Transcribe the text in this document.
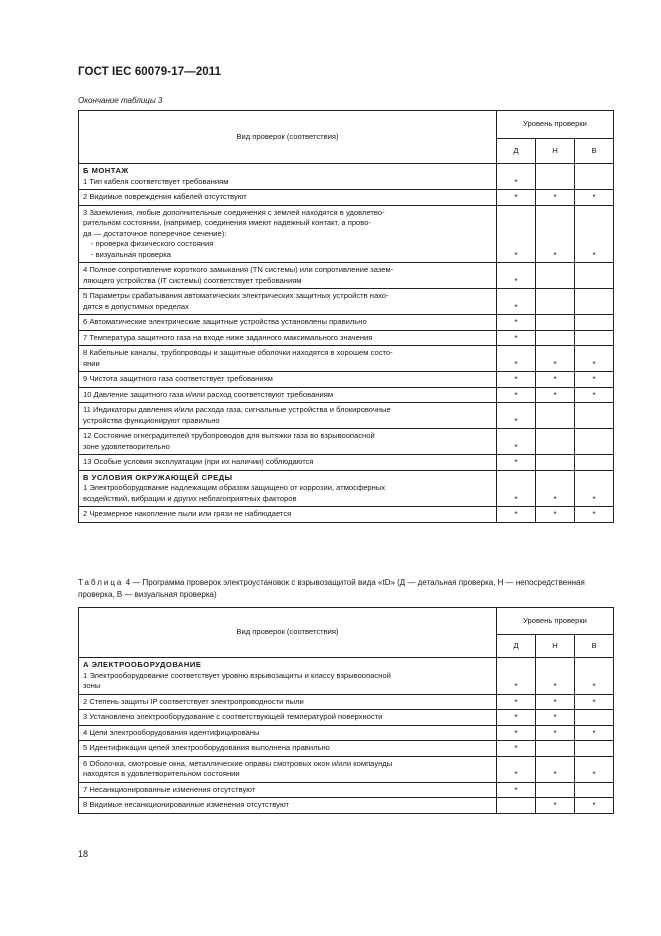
ГОСТ IEC 60079-17—2011
Окончание таблицы 3
Вид проверок (соответствия)	Уровень проверки		
	Д	Н	В

Б МОНТАЖ
1 Тип кабеля соответствует требованиям	*		

2 Видимые повреждения кабелей отсутствуют	*	*	*

3 Заземления, любые дополнительные соединения с землей находятся в удовлетво-
рительном состоянии, (например, соединения имеют надежный контакт, а прово-
да — достаточное поперечное сечение):
- проверка физического состояния
- визуальная проверка	*	*	*

4 Полное сопротивление короткого замыкания (TN системы) или сопротивление зазем-
ляющего устройства (IT системы) соответствует требованиям	*		

5 Параметры срабатывания автоматических электрических защитных устройств нахо-
дятся в допустимых пределах	*		

6 Автоматические электрические защитные устройства установлены правильно	*		

7 Температура защитного газа на входе ниже заданного максимального значения	*		

8 Кабельные каналы, трубопроводы и защитные оболочки находятся в хорошем состо-
янии	*	*	*

9 Чистота защитного газа соответствует требованиям	*	*	*

10 Давление защитного газа и/или расход соответствуют требованиям	*	*	*

11 Индикаторы давления и/или расхода газа, сигнальные устройства и блокировочные
устройства функционируют правильно	*		

12 Состояние огнеградителей трубопроводов для вытяжки газа во взрывоопасной
зоне удовлетворительно	*		

13 Особые условия эксплуатации (при их наличии) соблюдаются	*		

В УСЛОВИЯ ОКРУЖАЮЩЕЙ СРЕДЫ
1 Электрооборудование надлежащим образом защищено от коррозии, атмосферных
воздействий, вибрации и других неблагоприятных факторов	*	*	*

2 Чрезмерное накопление пыли или грязи не наблюдается	*	*	*
Таблица 4 — Программа проверок электроустановок с взрывозащитой вида «tD» (Д — детальная проверка, Н — непосредственная проверка, В — визуальная проверка)
Вид проверок (соответствия)	Уровень проверки		
	Д	Н	В

А ЭЛЕКТРООБОРУДОВАНИЕ
1 Электрооборудование соответствует уровню взрывозащиты и классу взрывоопасной
зоны	*	*	*

2 Степень защиты IP соответствует электропроводности пыли	*	*	*

3 Установлено электрооборудование с соответствующей температурой поверхности	*	*	

4 Цепи электрооборудования идентифицированы	*	*	*

5 Идентификация цепей электрооборудования выполнена правильно	*		

6 Оболочка, смотровые окна, металлические оправы смотровых окон и/или компаунды
находятся в удовлетворительном состоянии	*	*	*

7 Несанкционированные изменения отсутствуют	*		

8 Видимые несанкционированные изменения отсутствуют		*	*
18
